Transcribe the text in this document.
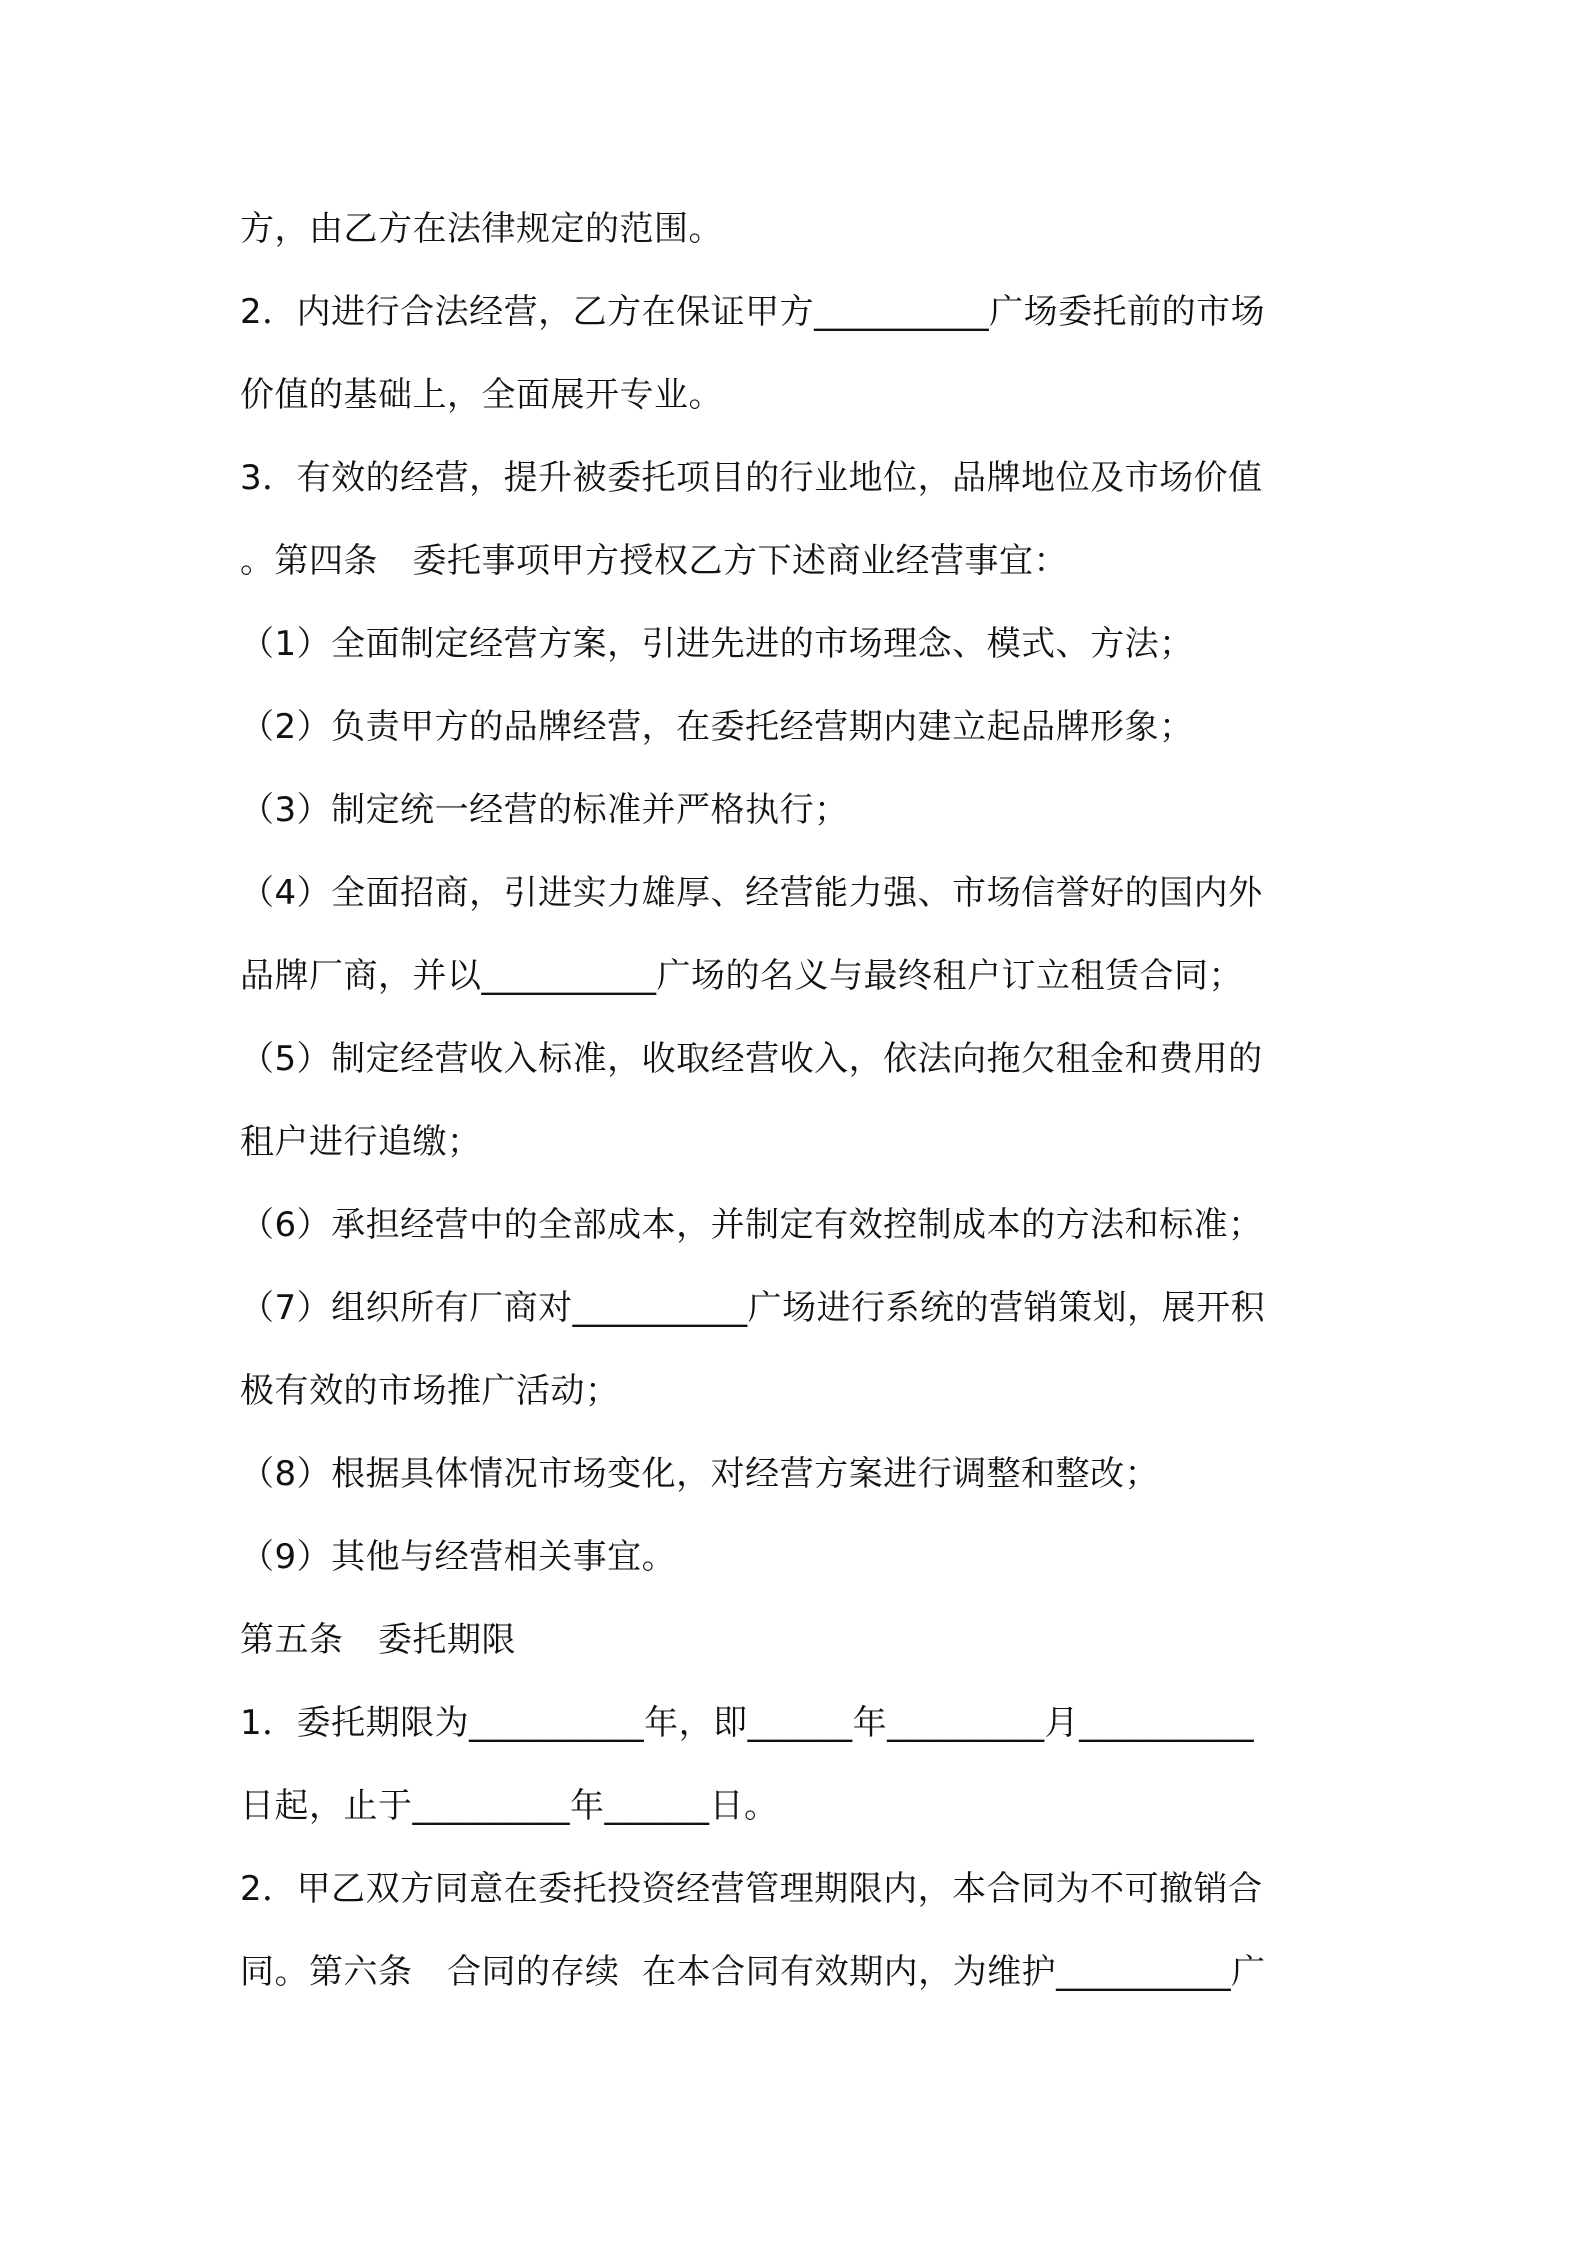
方，由乙方在法律规定的范围。
2．内进行合法经营，乙方在保证甲方__________广场委托前的市场
价值的基础上，全面展开专业。
3．有效的经营，提升被委托项目的行业地位，品牌地位及市场价值
。第四条　委托事项甲方授权乙方下述商业经营事宜：
（1）全面制定经营方案，引进先进的市场理念、模式、方法；
（2）负责甲方的品牌经营，在委托经营期内建立起品牌形象；
（3）制定统一经营的标准并严格执行；
（4）全面招商，引进实力雄厚、经营能力强、市场信誉好的国内外
品牌厂商，并以__________广场的名义与最终租户订立租赁合同；
（5）制定经营收入标准，收取经营收入，依法向拖欠租金和费用的
租户进行追缴；
（6）承担经营中的全部成本，并制定有效控制成本的方法和标准；
（7）组织所有厂商对__________广场进行系统的营销策划，展开积
极有效的市场推广活动；
（8）根据具体情况市场变化，对经营方案进行调整和整改；
（9）其他与经营相关事宜。
第五条　委托期限
1．委托期限为__________年，即______年_________月__________
日起，止于_________年______日。
2．甲乙双方同意在委托投资经营管理期限内，本合同为不可撤销合
同。第六条　合同的存续  在本合同有效期内，为维护__________广
